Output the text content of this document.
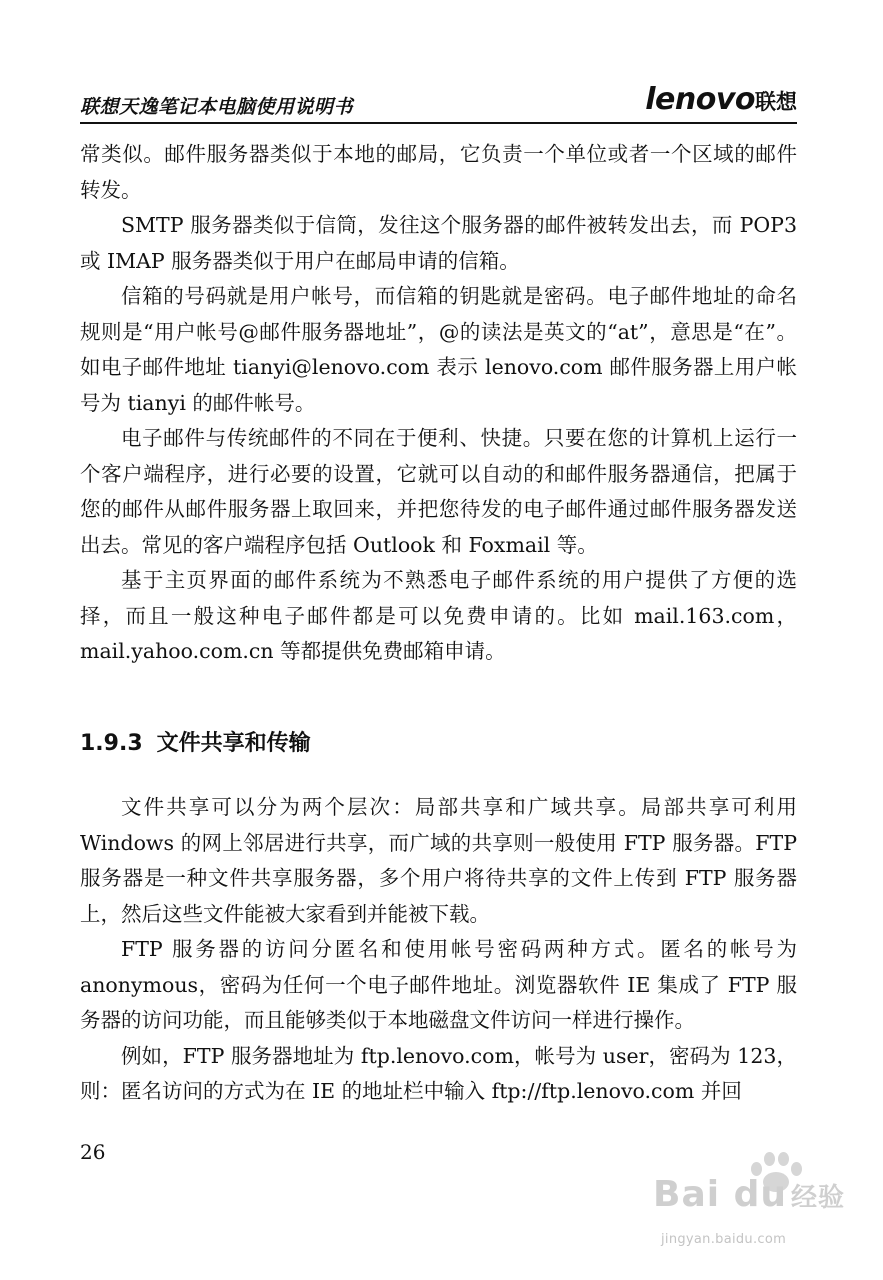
联想天逸笔记本电脑使用说明书	lenovo联想

常类似。邮件服务器类似于本地的邮局，它负责一个单位或者一个区域的邮件转发。

SMTP 服务器类似于信筒，发往这个服务器的邮件被转发出去，而 POP3 或 IMAP 服务器类似于用户在邮局申请的信箱。

信箱的号码就是用户帐号，而信箱的钥匙就是密码。电子邮件地址的命名规则是“用户帐号@邮件服务器地址”，@的读法是英文的“at”，意思是“在”。如电子邮件地址 tianyi@lenovo.com 表示 lenovo.com 邮件服务器上用户帐号为 tianyi 的邮件帐号。

电子邮件与传统邮件的不同在于便利、快捷。只要在您的计算机上运行一个客户端程序，进行必要的设置，它就可以自动的和邮件服务器通信，把属于您的邮件从邮件服务器上取回来，并把您待发的电子邮件通过邮件服务器发送出去。常见的客户端程序包括 Outlook 和 Foxmail 等。

基于主页界面的邮件系统为不熟悉电子邮件系统的用户提供了方便的选择，而且一般这种电子邮件都是可以免费申请的。比如 mail.163.com，mail.yahoo.com.cn 等都提供免费邮箱申请。

1.9.3 文件共享和传输

文件共享可以分为两个层次：局部共享和广域共享。局部共享可利用 Windows 的网上邻居进行共享，而广域的共享则一般使用 FTP 服务器。FTP 服务器是一种文件共享服务器，多个用户将待共享的文件上传到 FTP 服务器上，然后这些文件能被大家看到并能被下载。

FTP 服务器的访问分匿名和使用帐号密码两种方式。匿名的帐号为 anonymous，密码为任何一个电子邮件地址。浏览器软件 IE 集成了 FTP 服务器的访问功能，而且能够类似于本地磁盘文件访问一样进行操作。

例如，FTP 服务器地址为 ftp.lenovo.com，帐号为 user，密码为 123，则：匿名访问的方式为在 IE 的地址栏中输入 ftp://ftp.lenovo.com 并回

26
Bai du 经验
jingyan.baidu.com
